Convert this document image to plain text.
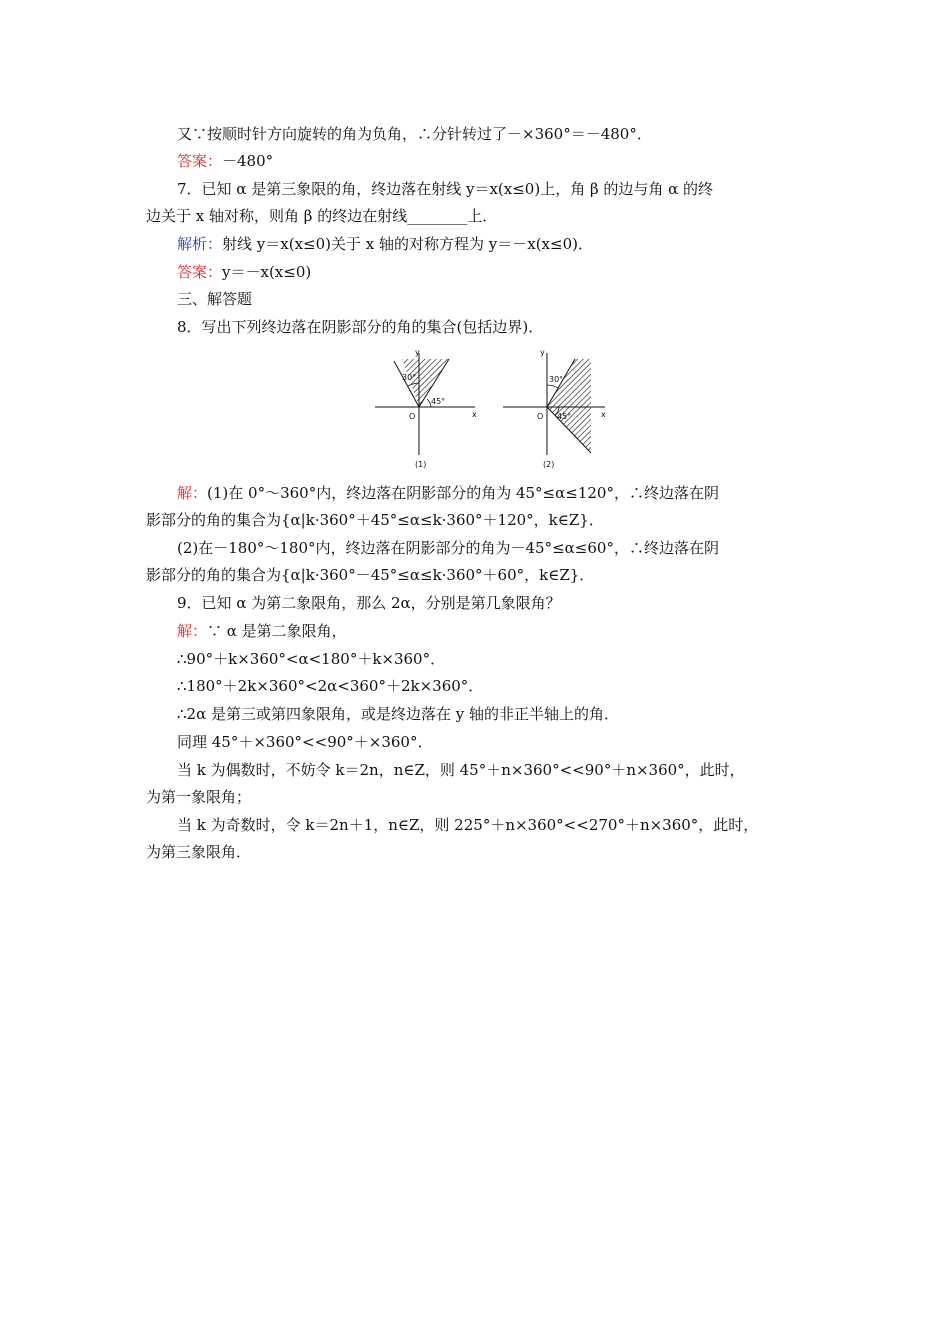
又∵按顺时针方向旋转的角为负角，∴分针转过了－×360°＝－480°．
答案：－480°
7．已知 α 是第三象限的角，终边落在射线 y＝x(x≤0)上，角 β 的边与角 α 的终
边关于 x 轴对称，则角 β 的终边在射线________上．
解析：射线 y＝x(x≤0)关于 x 轴的对称方程为 y＝－x(x≤0)．
答案：y＝－x(x≤0)
三、解答题
8．写出下列终边落在阴影部分的角的集合(包括边界)．
y
x
O
30°
45°
(1)
y
x
O
30°
45°
(2)
解：(1)在 0°～360°内，终边落在阴影部分的角为 45°≤α≤120°，∴终边落在阴
影部分的角的集合为{α|k·360°＋45°≤α≤k·360°＋120°，k∈Z}．
(2)在－180°～180°内，终边落在阴影部分的角为－45°≤α≤60°，∴终边落在阴
影部分的角的集合为{α|k·360°－45°≤α≤k·360°＋60°，k∈Z}．
9．已知 α 为第二象限角，那么 2α，分别是第几象限角？
解：∵ α 是第二象限角，
∴90°＋k×360°<α<180°＋k×360°．
∴180°＋2k×360°<2α<360°＋2k×360°．
∴2α 是第三或第四象限角，或是终边落在 y 轴的非正半轴上的角．
同理 45°＋×360°<<90°＋×360°．
当 k 为偶数时，不妨令 k＝2n，n∈Z，则 45°＋n×360°<<90°＋n×360°，此时，
为第一象限角；
当 k 为奇数时，令 k＝2n＋1，n∈Z，则 225°＋n×360°<<270°＋n×360°，此时，
为第三象限角．
